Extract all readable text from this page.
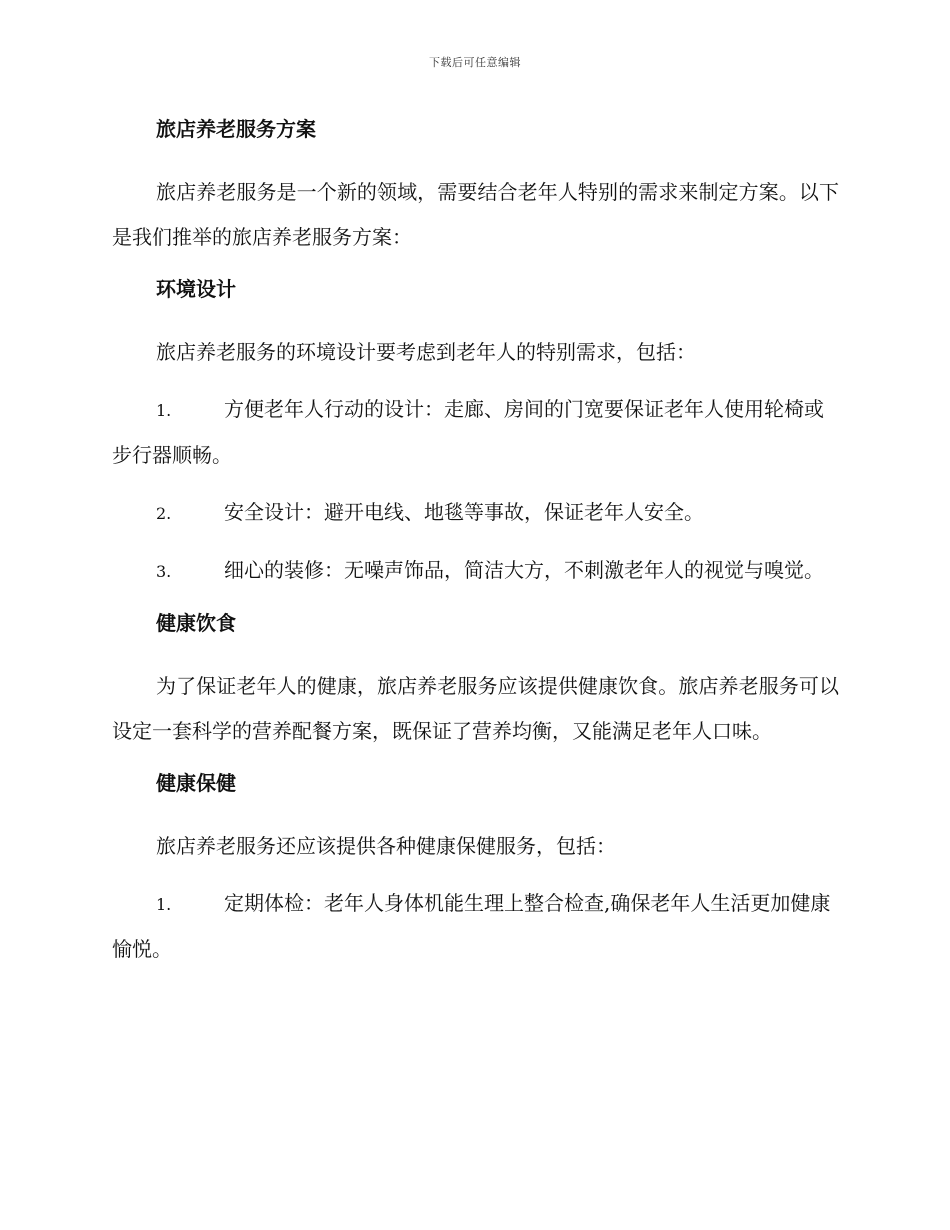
下载后可任意编辑
旅店养老服务方案

旅店养老服务是一个新的领域，需要结合老年人特别的需求来制定方案。以下是我们推举的旅店养老服务方案：

环境设计

旅店养老服务的环境设计要考虑到老年人的特别需求，包括：

1.	方便老年人行动的设计：走廊、房间的门宽要保证老年人使用轮椅或步行器顺畅。

2.	安全设计：避开电线、地毯等事故，保证老年人安全。

3.	细心的装修：无噪声饰品，简洁大方，不刺激老年人的视觉与嗅觉。

健康饮食

为了保证老年人的健康，旅店养老服务应该提供健康饮食。旅店养老服务可以设定一套科学的营养配餐方案，既保证了营养均衡，又能满足老年人口味。

健康保健

旅店养老服务还应该提供各种健康保健服务，包括：

1.	定期体检：老年人身体机能生理上整合检查,确保老年人生活更加健康愉悦。
